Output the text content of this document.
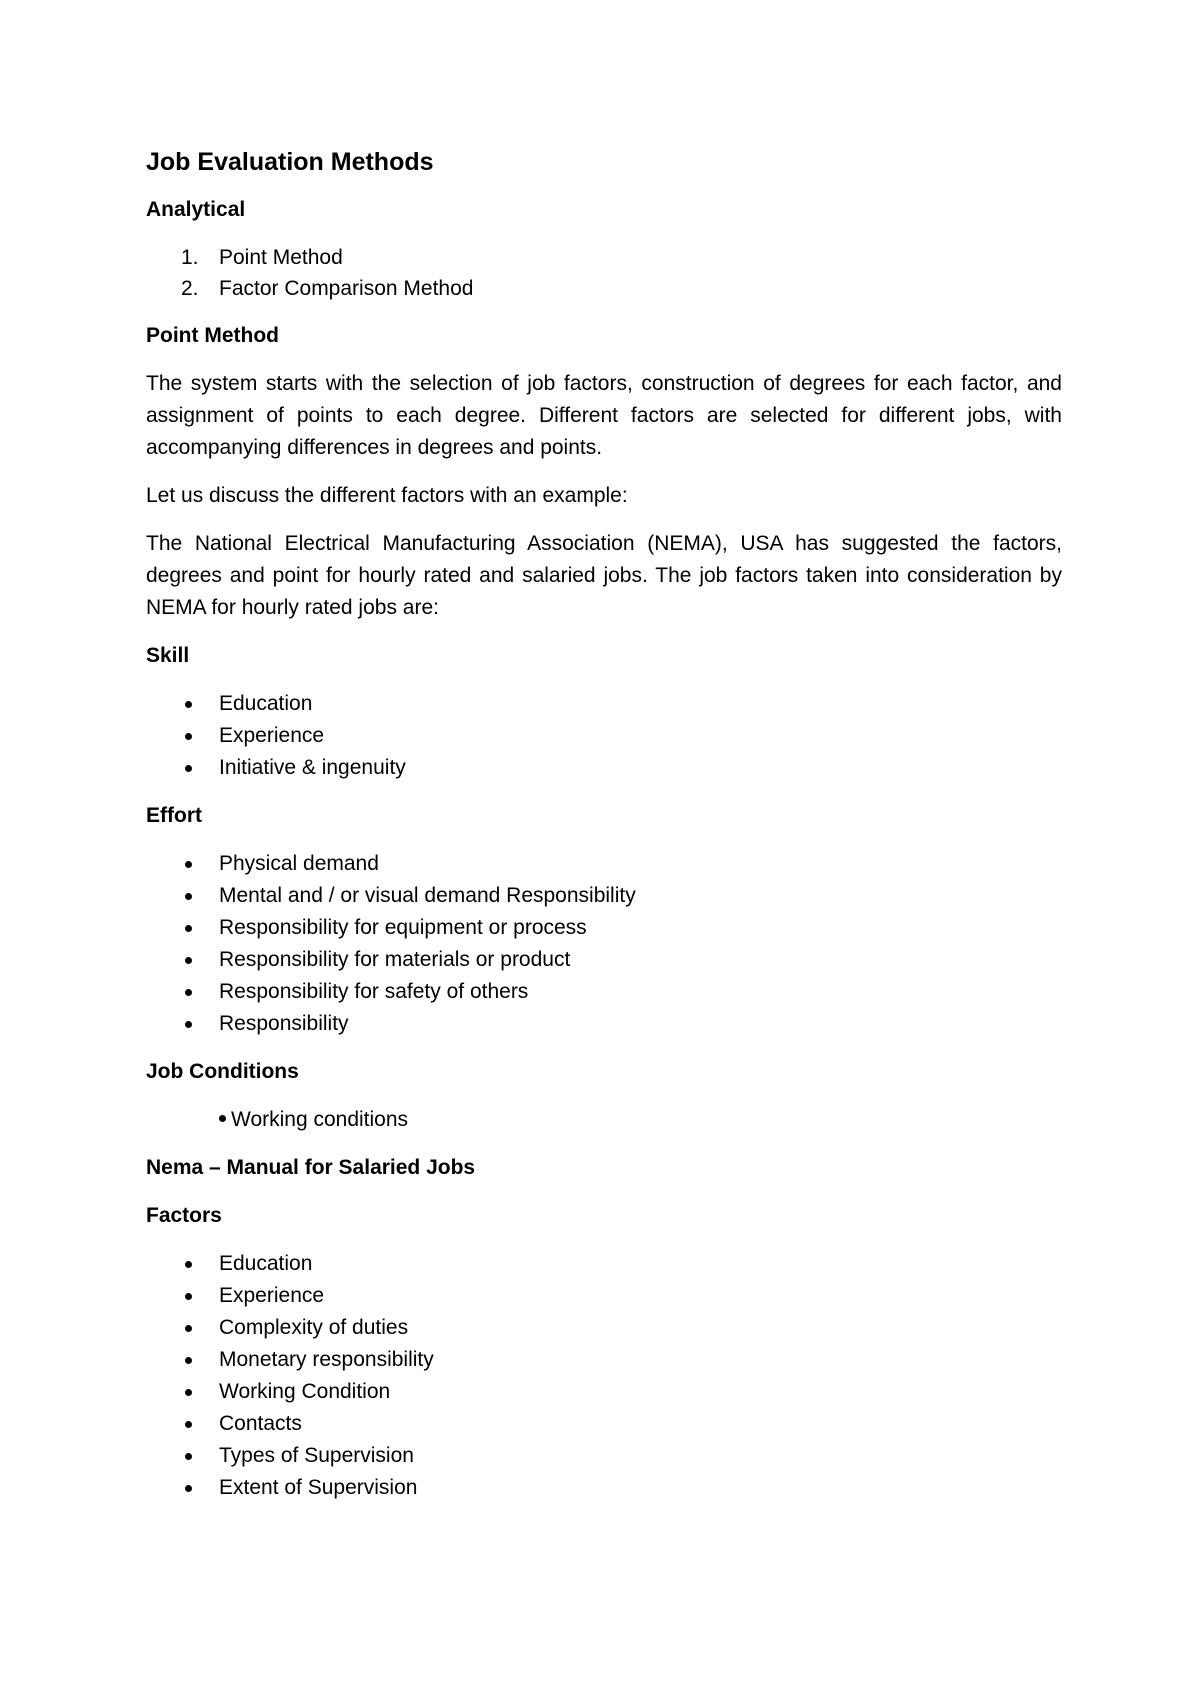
Job Evaluation Methods
Analytical
1. Point Method
2. Factor Comparison Method
Point Method

The system starts with the selection of job factors, construction of degrees for each factor, and assignment of points to each degree. Different factors are selected for different jobs, with accompanying differences in degrees and points.

Let us discuss the different factors with an example:

The National Electrical Manufacturing Association (NEMA), USA has suggested the factors, degrees and point for hourly rated and salaried jobs. The job factors taken into consideration by NEMA for hourly rated jobs are:

Skill
Education
Experience
Initiative & ingenuity
Effort
Physical demand
Mental and / or visual demand Responsibility
Responsibility for equipment or process
Responsibility for materials or product
Responsibility for safety of others
Responsibility
Job Conditions
Working conditions
Nema – Manual for Salaried Jobs
Factors
Education
Experience
Complexity of duties
Monetary responsibility
Working Condition
Contacts
Types of Supervision
Extent of Supervision
